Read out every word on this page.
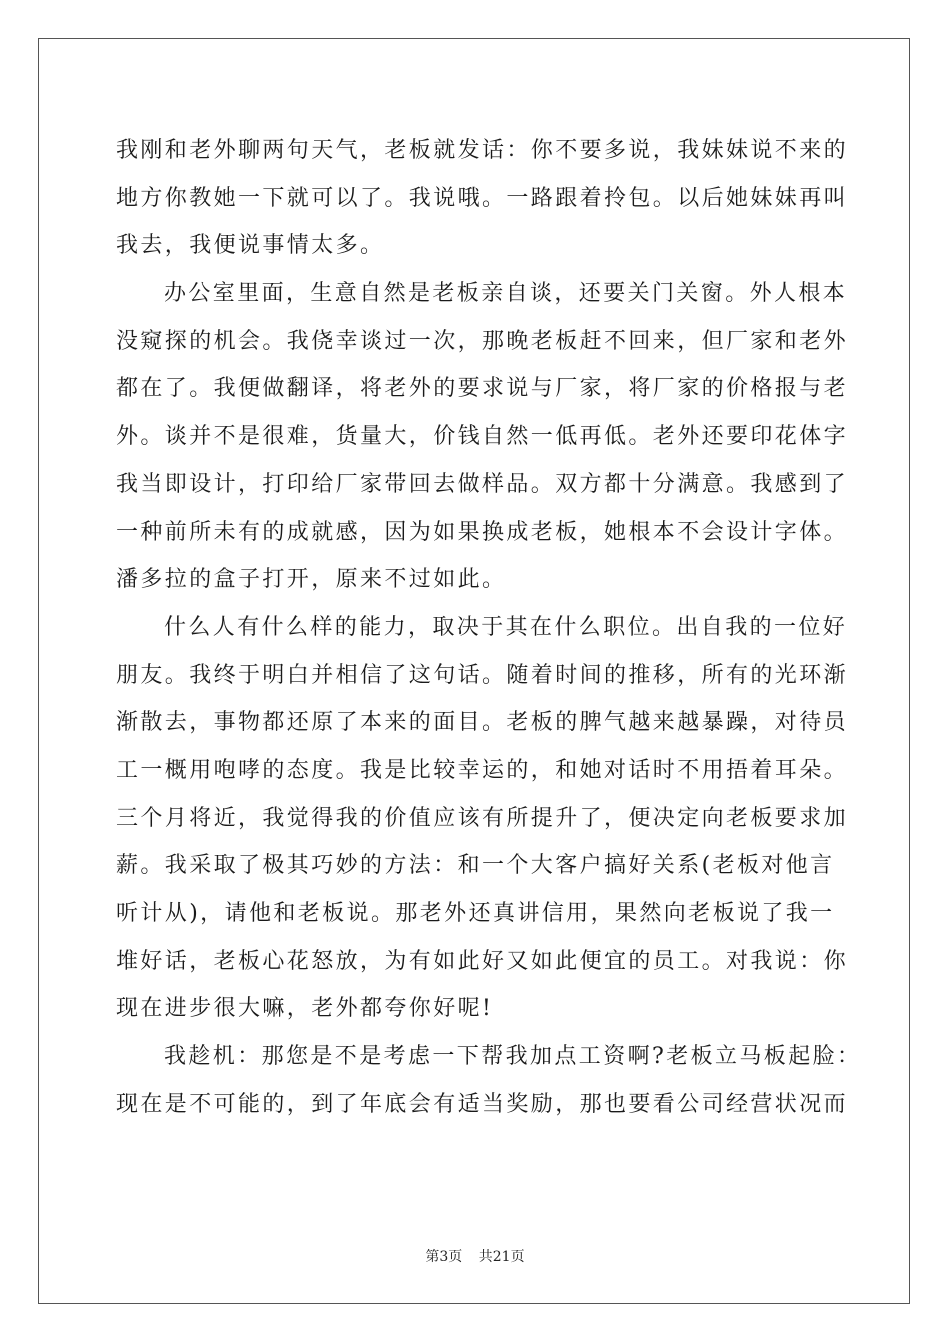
我刚和老外聊两句天气，老板就发话：你不要多说，我妹妹说不来的
地方你教她一下就可以了。我说哦。一路跟着拎包。以后她妹妹再叫
我去，我便说事情太多。
办公室里面，生意自然是老板亲自谈，还要关门关窗。外人根本
没窥探的机会。我侥幸谈过一次，那晚老板赶不回来，但厂家和老外
都在了。我便做翻译，将老外的要求说与厂家，将厂家的价格报与老
外。谈并不是很难，货量大，价钱自然一低再低。老外还要印花体字
我当即设计，打印给厂家带回去做样品。双方都十分满意。我感到了
一种前所未有的成就感，因为如果换成老板，她根本不会设计字体。
潘多拉的盒子打开，原来不过如此。
什么人有什么样的能力，取决于其在什么职位。出自我的一位好
朋友。我终于明白并相信了这句话。随着时间的推移，所有的光环渐
渐散去，事物都还原了本来的面目。老板的脾气越来越暴躁，对待员
工一概用咆哮的态度。我是比较幸运的，和她对话时不用捂着耳朵。
三个月将近，我觉得我的价值应该有所提升了，便决定向老板要求加
薪。我采取了极其巧妙的方法：和一个大客户搞好关系(老板对他言
听计从)，请他和老板说。那老外还真讲信用，果然向老板说了我一
堆好话，老板心花怒放，为有如此好又如此便宜的员工。对我说：你
现在进步很大嘛，老外都夸你好呢!
我趁机：那您是不是考虑一下帮我加点工资啊?老板立马板起脸：
现在是不可能的，到了年底会有适当奖励，那也要看公司经营状况而
第3页 共21页
